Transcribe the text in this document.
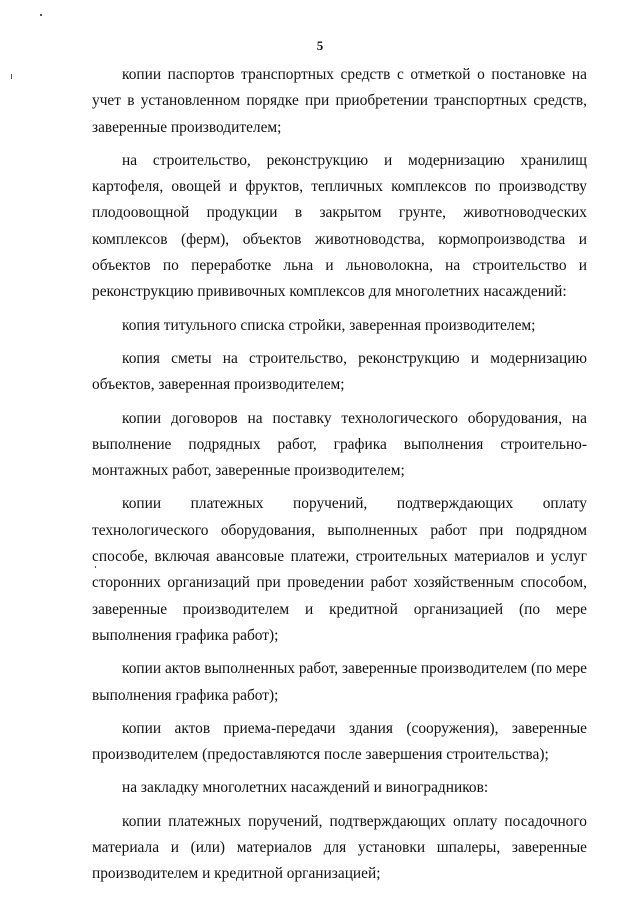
5

копии паспортов транспортных средств с отметкой о постановке на учет в установленном порядке при приобретении транспортных средств, заверенные производителем;

на строительство, реконструкцию и модернизацию хранилищ картофеля, овощей и фруктов, тепличных комплексов по производству плодоовощной продукции в закрытом грунте, животноводческих комплексов (ферм), объектов животноводства, кормопроизводства и объектов по переработке льна и льноволокна, на строительство и реконструкцию прививочных комплексов для многолетних насаждений:

копия титульного списка стройки, заверенная производителем;

копия сметы на строительство, реконструкцию и модернизацию объектов, заверенная производителем;

копии договоров на поставку технологического оборудования, на выполнение подрядных работ, графика выполнения строительно-монтажных работ, заверенные производителем;

копии платежных поручений, подтверждающих оплату технологического оборудования, выполненных работ при подрядном способе, включая авансовые платежи, строительных материалов и услуг сторонних организаций при проведении работ хозяйственным способом, заверенные производителем и кредитной организацией (по мере выполнения графика работ);

копии актов выполненных работ, заверенные производителем (по мере выполнения графика работ);

копии актов приема-передачи здания (сооружения), заверенные производителем (предоставляются после завершения строительства);

на закладку многолетних насаждений и виноградников:

копии платежных поручений, подтверждающих оплату посадочного материала и (или) материалов для установки шпалеры, заверенные производителем и кредитной организацией;
